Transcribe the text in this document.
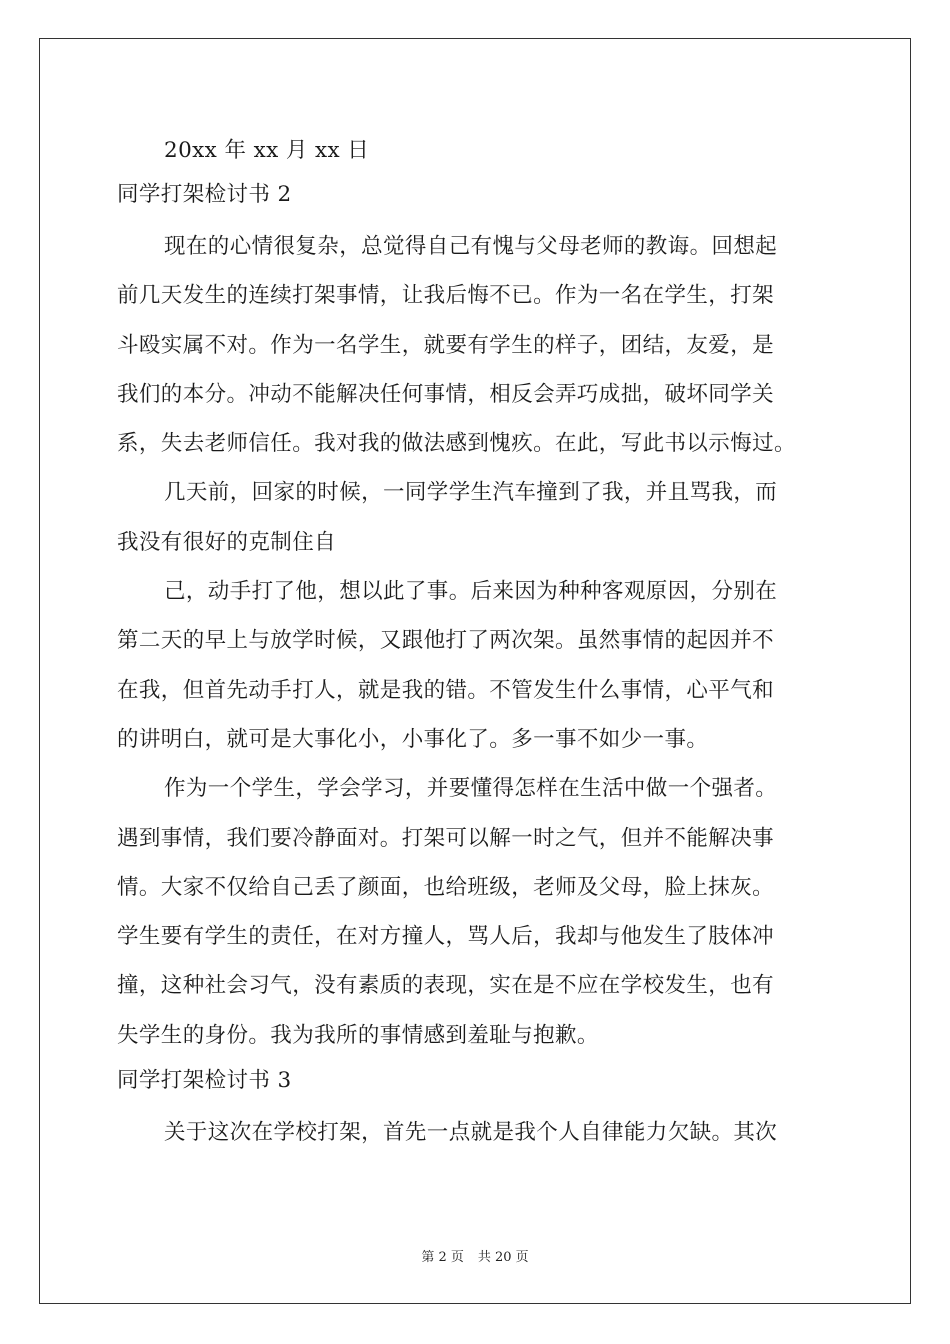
20xx 年 xx 月 xx 日
同学打架检讨书 2
现在的心情很复杂，总觉得自己有愧与父母老师的教诲。回想起
前几天发生的连续打架事情，让我后悔不已。作为一名在学生，打架
斗殴实属不对。作为一名学生，就要有学生的样子，团结，友爱，是
我们的本分。冲动不能解决任何事情，相反会弄巧成拙，破坏同学关
系，失去老师信任。我对我的做法感到愧疚。在此，写此书以示悔过。
几天前，回家的时候，一同学学生汽车撞到了我，并且骂我，而
我没有很好的克制住自
己，动手打了他，想以此了事。后来因为种种客观原因，分别在
第二天的早上与放学时候，又跟他打了两次架。虽然事情的起因并不
在我，但首先动手打人，就是我的错。不管发生什么事情，心平气和
的讲明白，就可是大事化小，小事化了。多一事不如少一事。
作为一个学生，学会学习，并要懂得怎样在生活中做一个强者。
遇到事情，我们要冷静面对。打架可以解一时之气，但并不能解决事
情。大家不仅给自己丢了颜面，也给班级，老师及父母，脸上抹灰。
学生要有学生的责任，在对方撞人，骂人后，我却与他发生了肢体冲
撞，这种社会习气，没有素质的表现，实在是不应在学校发生，也有
失学生的身份。我为我所的事情感到羞耻与抱歉。
同学打架检讨书 3
关于这次在学校打架，首先一点就是我个人自律能力欠缺。其次
第 2 页 共 20 页
